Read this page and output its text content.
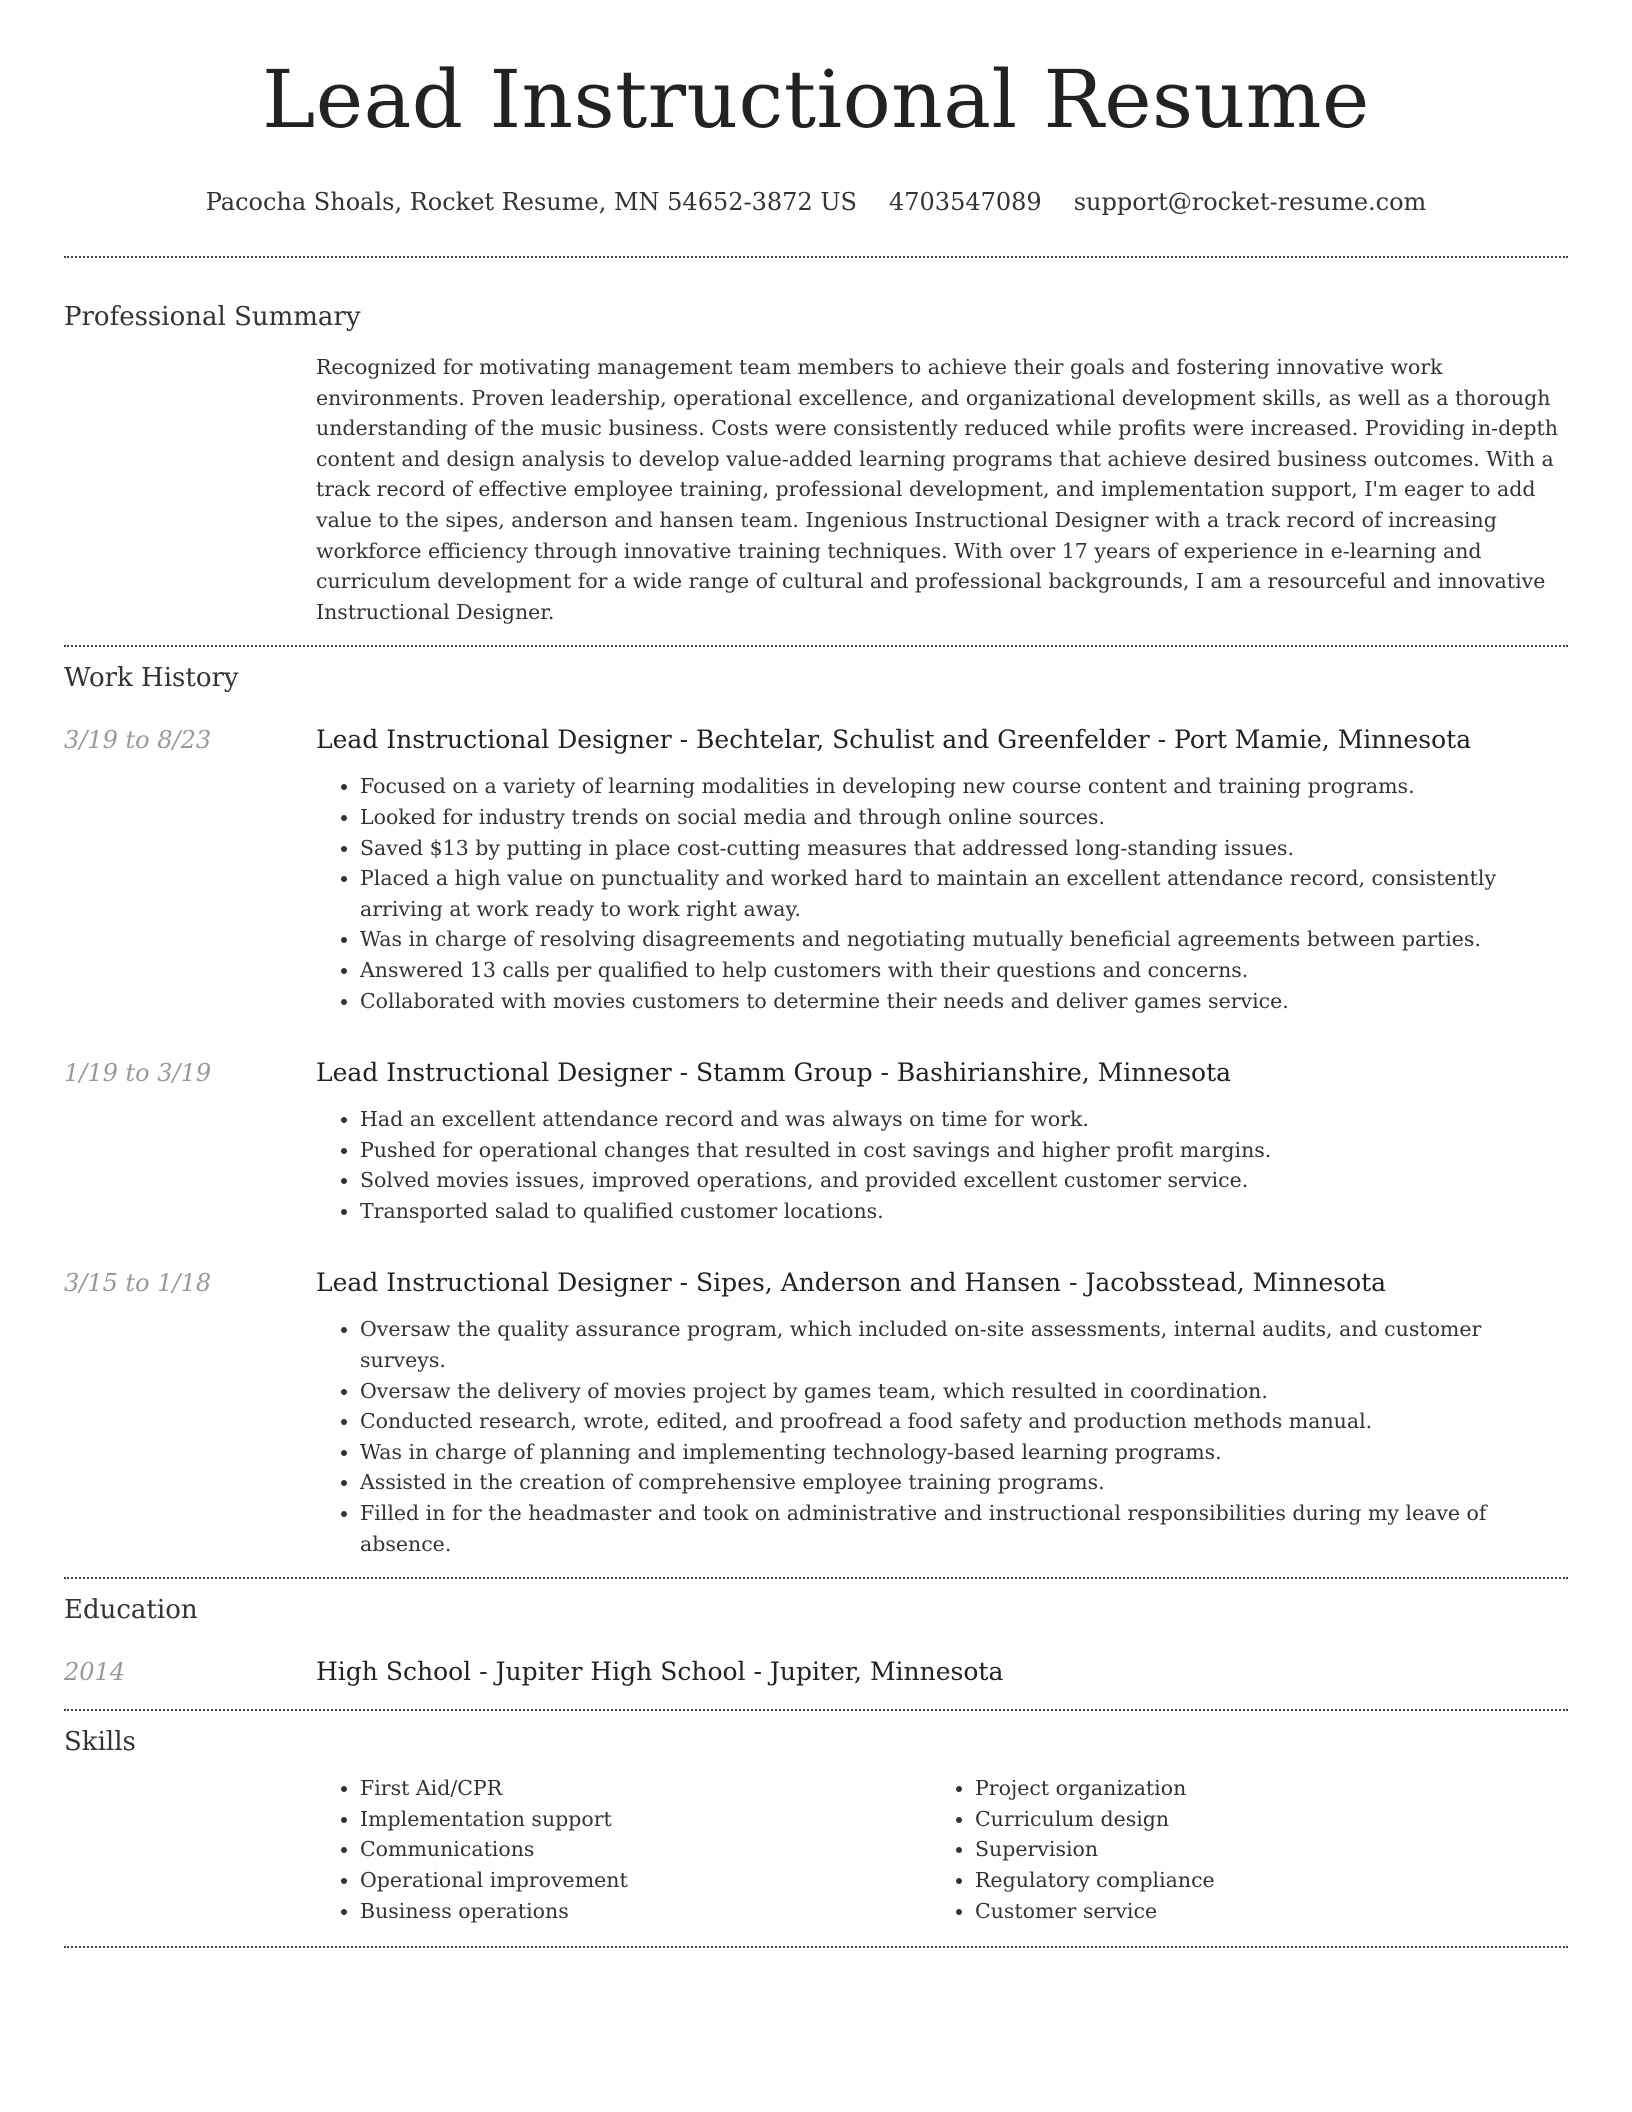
Lead Instructional Resume
Pacocha Shoals, Rocket Resume, MN 54652-3872 US 4703547089 support@rocket-resume.com
Professional Summary
Recognized for motivating management team members to achieve their goals and fostering innovative work environments. Proven leadership, operational excellence, and organizational development skills, as well as a thorough understanding of the music business. Costs were consistently reduced while profits were increased. Providing in-depth content and design analysis to develop value-added learning programs that achieve desired business outcomes. With a track record of effective employee training, professional development, and implementation support, I'm eager to add value to the sipes, anderson and hansen team. Ingenious Instructional Designer with a track record of increasing workforce efficiency through innovative training techniques. With over 17 years of experience in e-learning and curriculum development for a wide range of cultural and professional backgrounds, I am a resourceful and innovative Instructional Designer.
Work History
3/19 to 8/23	Lead Instructional Designer - Bechtelar, Schulist and Greenfelder - Port Mamie, Minnesota
• Focused on a variety of learning modalities in developing new course content and training programs.
• Looked for industry trends on social media and through online sources.
• Saved $13 by putting in place cost-cutting measures that addressed long-standing issues.
• Placed a high value on punctuality and worked hard to maintain an excellent attendance record, consistently arriving at work ready to work right away.
• Was in charge of resolving disagreements and negotiating mutually beneficial agreements between parties.
• Answered 13 calls per qualified to help customers with their questions and concerns.
• Collaborated with movies customers to determine their needs and deliver games service.
1/19 to 3/19	Lead Instructional Designer - Stamm Group - Bashirianshire, Minnesota
• Had an excellent attendance record and was always on time for work.
• Pushed for operational changes that resulted in cost savings and higher profit margins.
• Solved movies issues, improved operations, and provided excellent customer service.
• Transported salad to qualified customer locations.
3/15 to 1/18	Lead Instructional Designer - Sipes, Anderson and Hansen - Jacobsstead, Minnesota
• Oversaw the quality assurance program, which included on-site assessments, internal audits, and customer surveys.
• Oversaw the delivery of movies project by games team, which resulted in coordination.
• Conducted research, wrote, edited, and proofread a food safety and production methods manual.
• Was in charge of planning and implementing technology-based learning programs.
• Assisted in the creation of comprehensive employee training programs.
• Filled in for the headmaster and took on administrative and instructional responsibilities during my leave of absence.
Education
2014	High School - Jupiter High School - Jupiter, Minnesota
Skills
• First Aid/CPR
• Implementation support
• Communications
• Operational improvement
• Business operations
• Project organization
• Curriculum design
• Supervision
• Regulatory compliance
• Customer service
